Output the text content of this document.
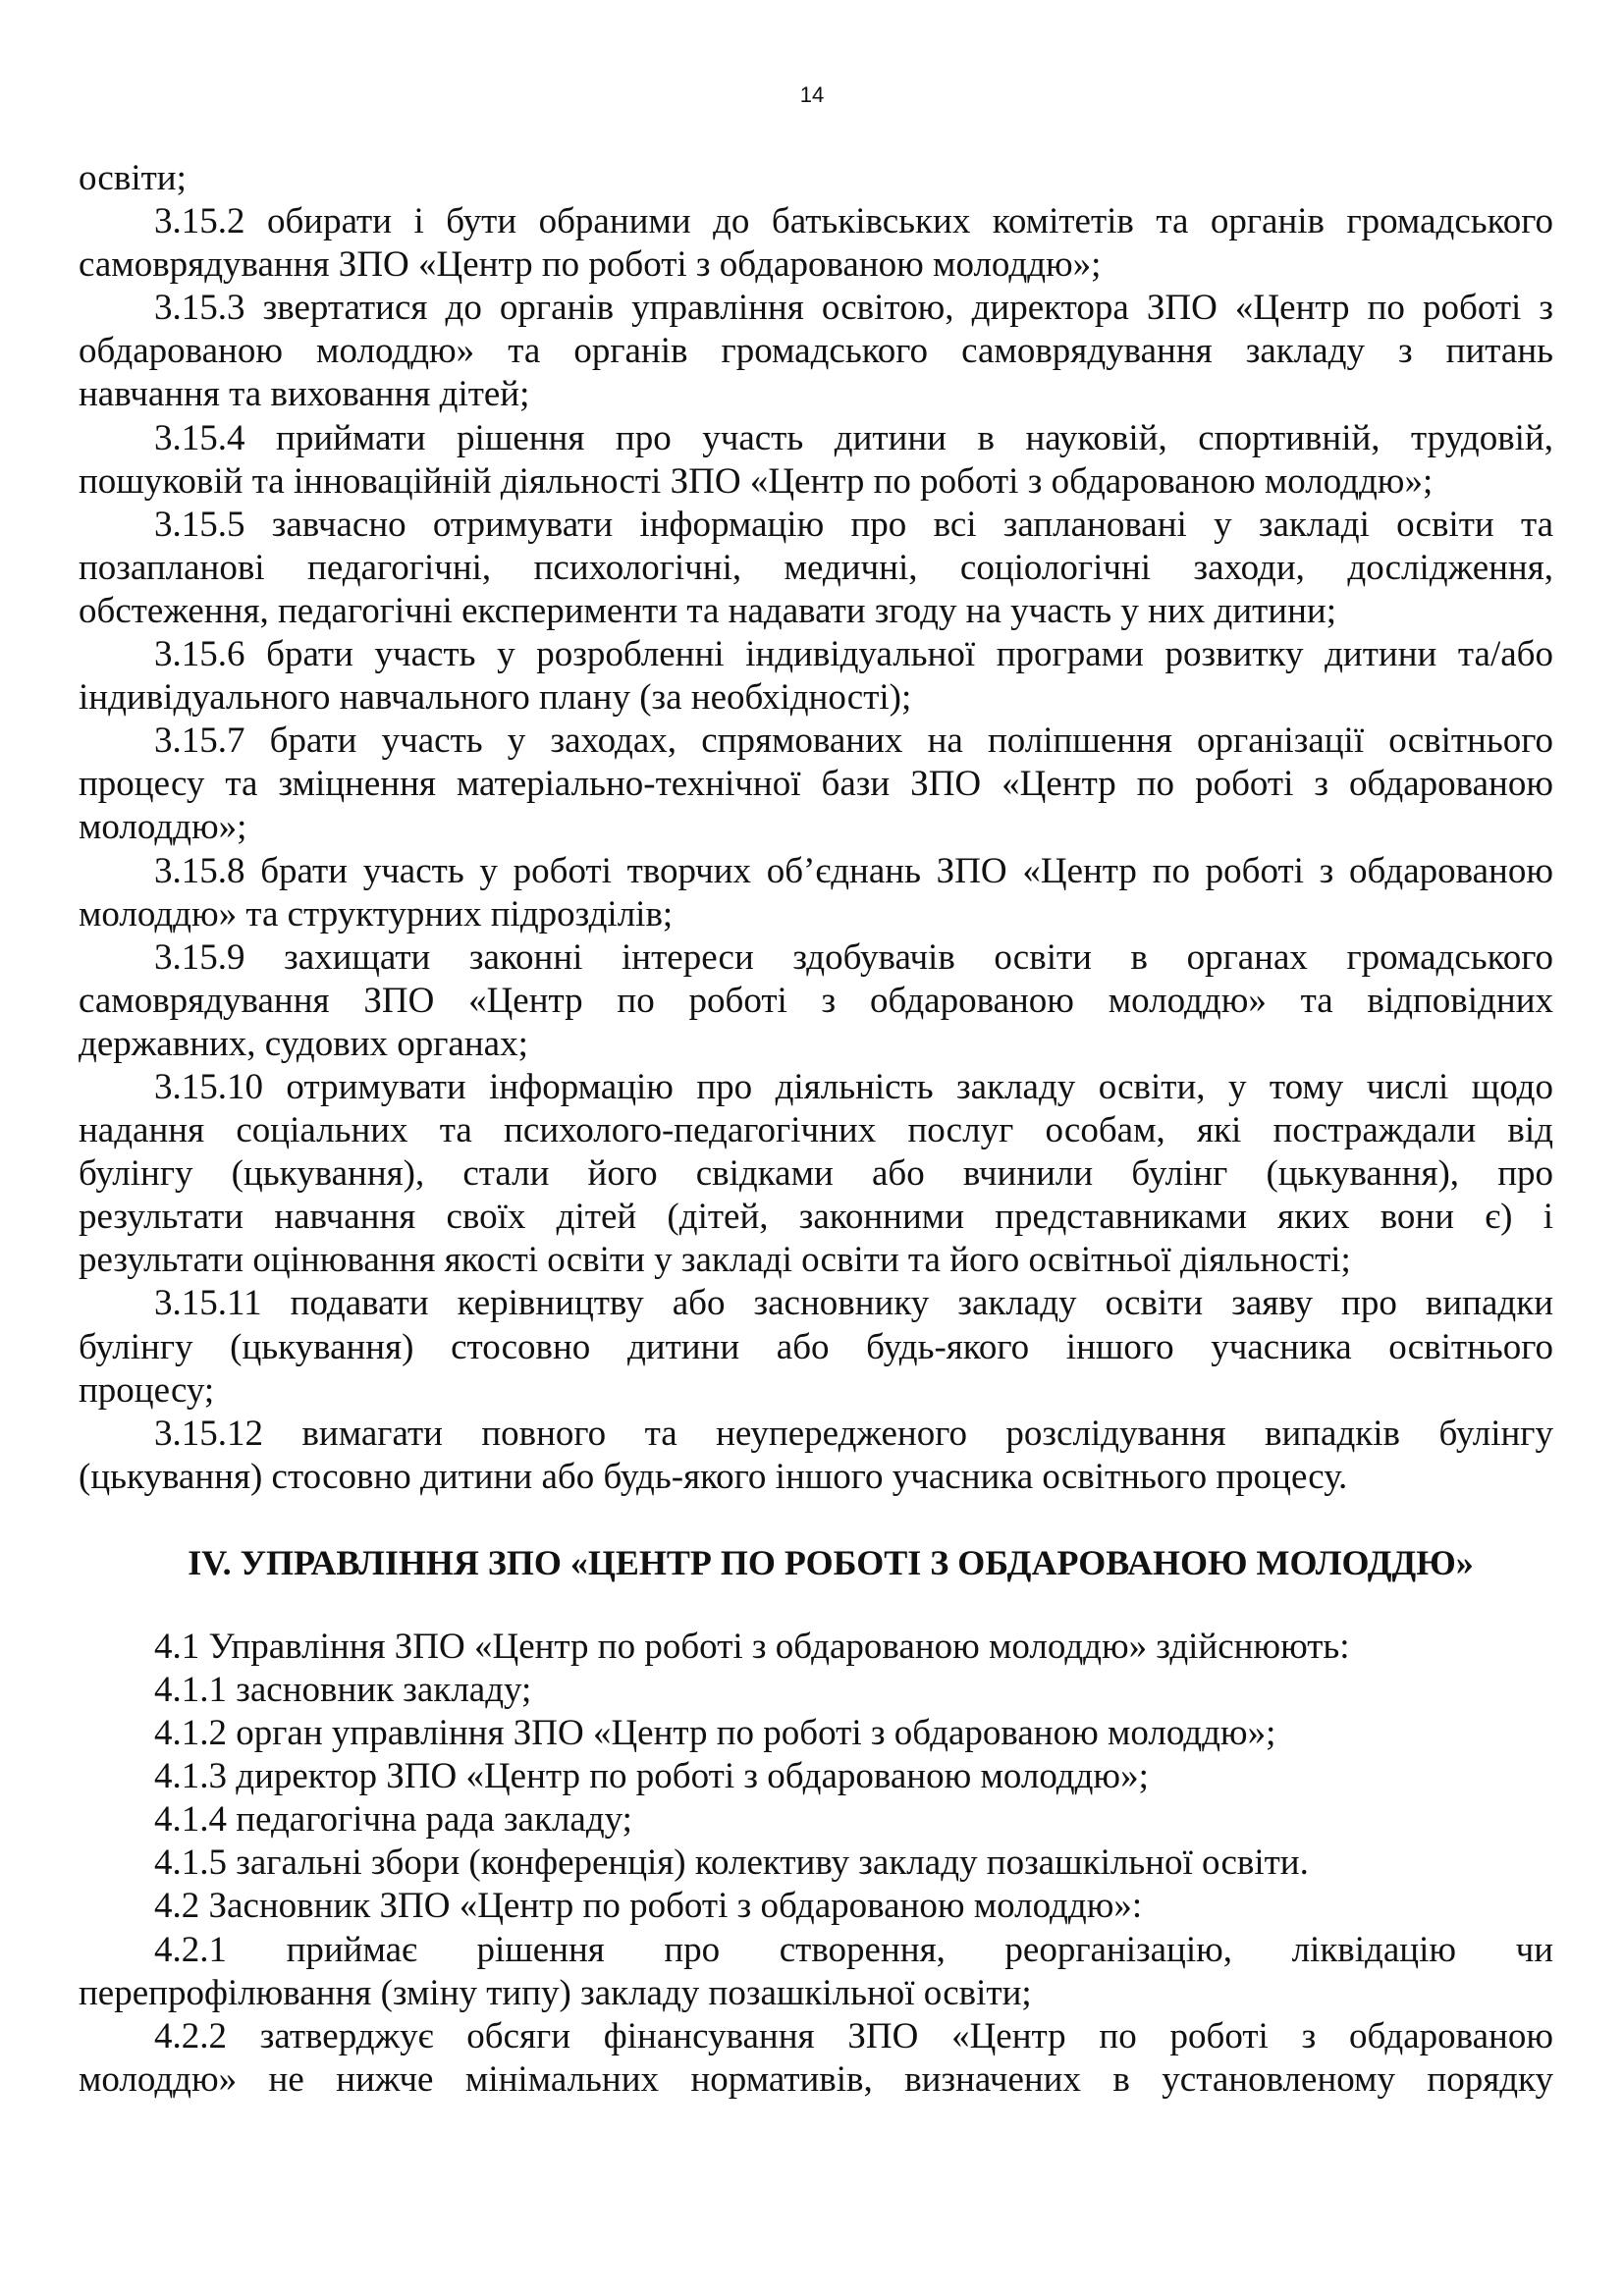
14
освіти;
3.15.2 обирати і бути обраними до батьківських комітетів та органів громадського
самоврядування ЗПО «Центр по роботі з обдарованою молоддю»;
3.15.3 звертатися до органів управління освітою, директора ЗПО «Центр по роботі з
обдарованою молоддю» та органів громадського самоврядування закладу з питань
навчання та виховання дітей;
3.15.4 приймати рішення про участь дитини в науковій, спортивній, трудовій,
пошуковій та інноваційній діяльності ЗПО «Центр по роботі з обдарованою молоддю»;
3.15.5 завчасно отримувати інформацію про всі заплановані у закладі освіти та
позапланові педагогічні, психологічні, медичні, соціологічні заходи, дослідження,
обстеження, педагогічні експерименти та надавати згоду на участь у них дитини;
3.15.6 брати участь у розробленні індивідуальної програми розвитку дитини та/або
індивідуального навчального плану (за необхідності);
3.15.7 брати участь у заходах, спрямованих на поліпшення організації освітнього
процесу та зміцнення матеріально-технічної бази ЗПО «Центр по роботі з обдарованою
молоддю»;
3.15.8 брати участь у роботі творчих об’єднань ЗПО «Центр по роботі з обдарованою
молоддю» та структурних підрозділів;
3.15.9 захищати законні інтереси здобувачів освіти в органах громадського
самоврядування ЗПО «Центр по роботі з обдарованою молоддю» та відповідних
державних, судових органах;
3.15.10 отримувати інформацію про діяльність закладу освіти, у тому числі щодо
надання соціальних та психолого-педагогічних послуг особам, які постраждали від
булінгу (цькування), стали його свідками або вчинили булінг (цькування), про
результати навчання своїх дітей (дітей, законними представниками яких вони є) і
результати оцінювання якості освіти у закладі освіти та його освітньої діяльності;
3.15.11 подавати керівництву або засновнику закладу освіти заяву про випадки
булінгу (цькування) стосовно дитини або будь-якого іншого учасника освітнього
процесу;
3.15.12 вимагати повного та неупередженого розслідування випадків булінгу
(цькування) стосовно дитини або будь-якого іншого учасника освітнього процесу.
IV. УПРАВЛІННЯ ЗПО «ЦЕНТР ПО РОБОТІ З ОБДАРОВАНОЮ МОЛОДДЮ»
4.1 Управління ЗПО «Центр по роботі з обдарованою молоддю» здійснюють:
4.1.1 засновник закладу;
4.1.2 орган управління ЗПО «Центр по роботі з обдарованою молоддю»;
4.1.3 директор ЗПО «Центр по роботі з обдарованою молоддю»;
4.1.4 педагогічна рада закладу;
4.1.5 загальні збори (конференція) колективу закладу позашкільної освіти.
4.2 Засновник ЗПО «Центр по роботі з обдарованою молоддю»:
4.2.1 приймає рішення про створення, реорганізацію, ліквідацію чи
перепрофілювання (зміну типу) закладу позашкільної освіти;
4.2.2 затверджує обсяги фінансування ЗПО «Центр по роботі з обдарованою
молоддю» не нижче мінімальних нормативів, визначених в установленому порядку
